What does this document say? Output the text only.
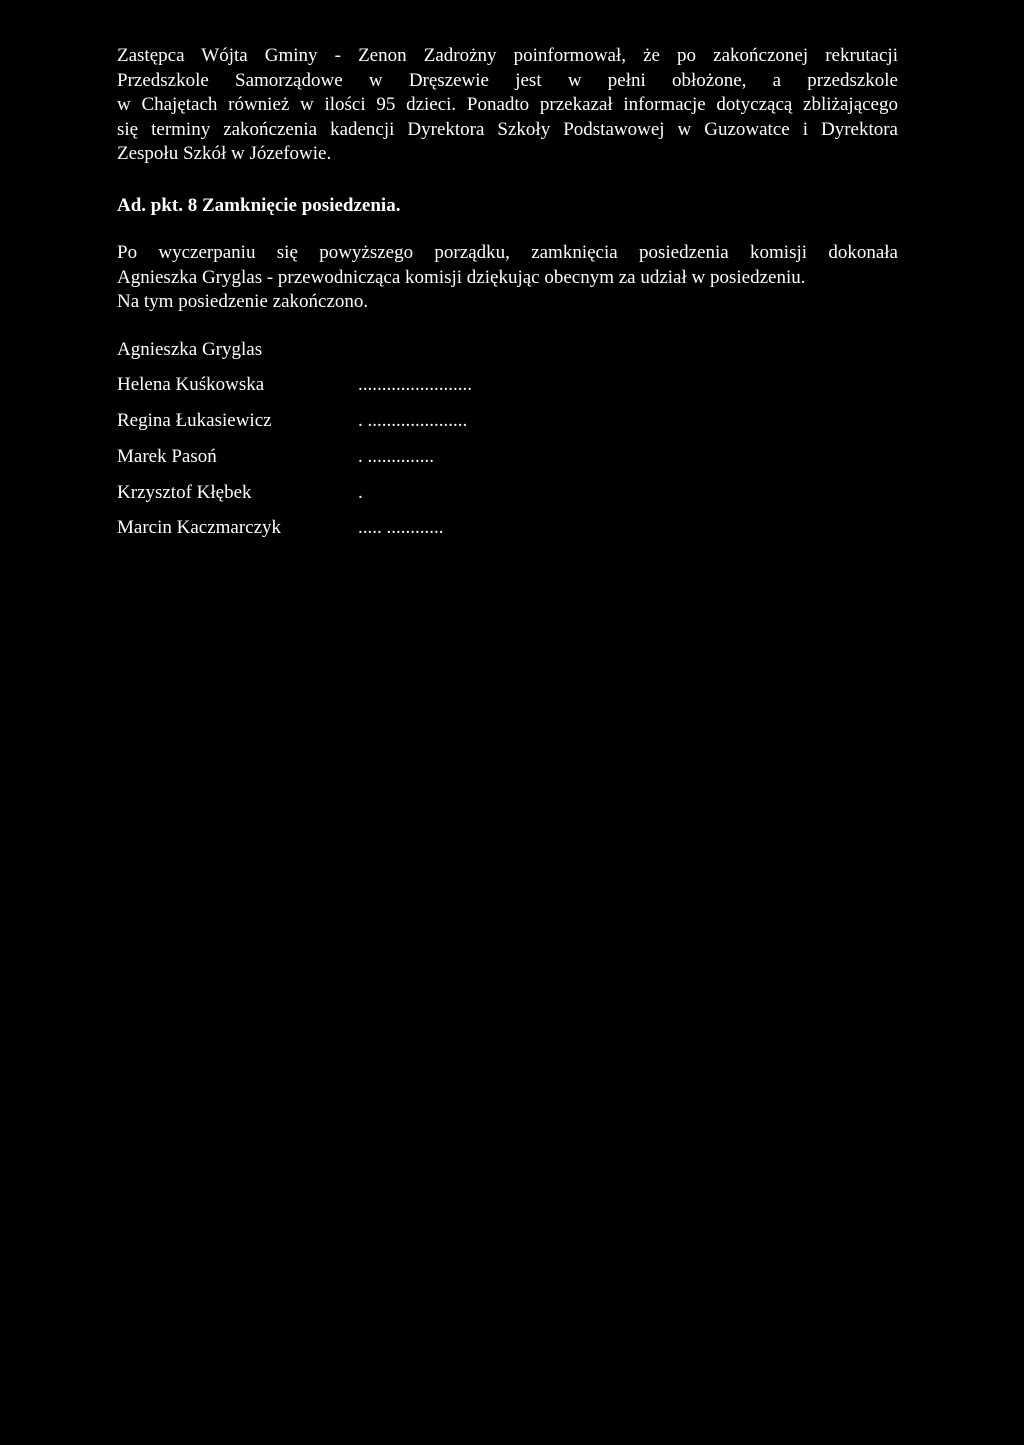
Zastępca Wójta Gminy - Zenon Zadrożny poinformował, że po zakończonej rekrutacji
Przedszkole Samorządowe w Dręszewie jest w pełni obłożone, a przedszkole
w Chajętach również w ilości 95 dzieci. Ponadto przekazał informacje dotyczącą zbliżającego
się terminy zakończenia kadencji Dyrektora Szkoły Podstawowej w Guzowatce i Dyrektora
Zespołu Szkół w Józefowie.

Ad. pkt. 8 Zamknięcie posiedzenia.

Po wyczerpaniu się powyższego porządku, zamknięcia posiedzenia komisji dokonała
Agnieszka Gryglas - przewodnicząca komisji dziękując obecnym za udział w posiedzeniu.
Na tym posiedzenie zakończono.
Agnieszka Gryglas
Helena Kuśkowska	........................
Regina Łukasiewicz	. .....................
Marek Pasoń	. ..............
Krzysztof Kłębek	.
Marcin Kaczmarczyk	..... ............
